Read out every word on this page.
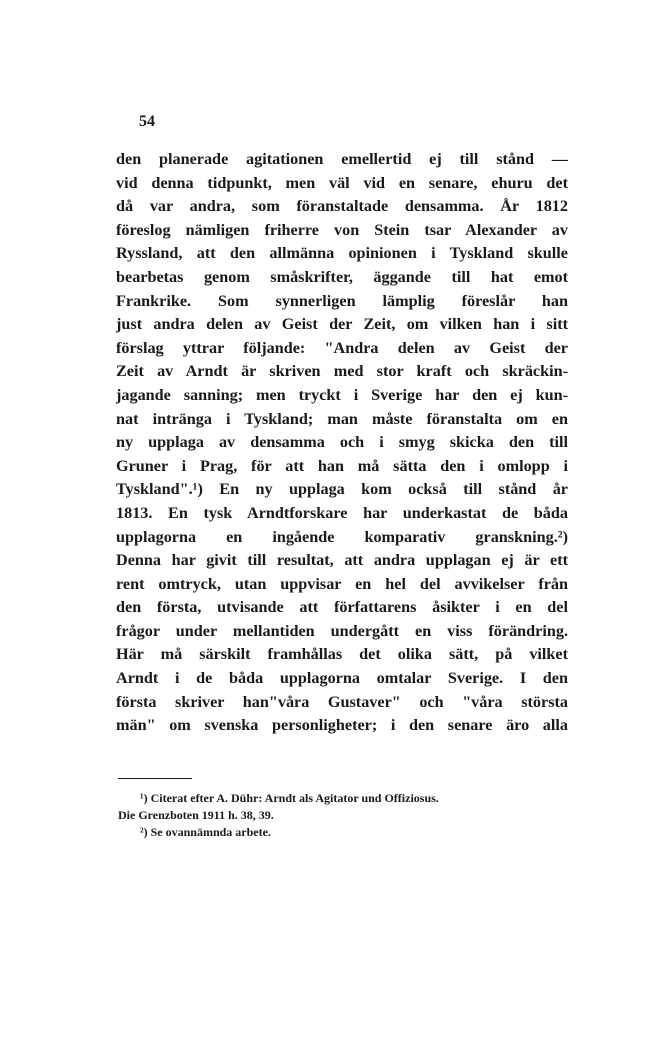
54
den planerade agitationen emellertid ej till stånd —
vid denna tidpunkt, men väl vid en senare, ehuru det
då var andra, som föranstaltade densamma. År 1812
föreslog nämligen friherre von Stein tsar Alexander av
Ryssland, att den allmänna opinionen i Tyskland skulle
bearbetas genom småskrifter, äggande till hat emot
Frankrike. Som synnerligen lämplig föreslår han
just andra delen av Geist der Zeit, om vilken han i sitt
förslag yttrar följande: "Andra delen av Geist der
Zeit av Arndt är skriven med stor kraft och skräckin-
jagande sanning; men tryckt i Sverige har den ej kun-
nat intränga i Tyskland; man måste föranstalta om en
ny upplaga av densamma och i smyg skicka den till
Gruner i Prag, för att han må sätta den i omlopp i
Tyskland".¹) En ny upplaga kom också till stånd år
1813. En tysk Arndtforskare har underkastat de båda
upplagorna en ingående komparativ granskning.²)
Denna har givit till resultat, att andra upplagan ej är ett
rent omtryck, utan uppvisar en hel del avvikelser från
den första, utvisande att författarens åsikter i en del
frågor under mellantiden undergått en viss förändring.
Här må särskilt framhållas det olika sätt, på vilket
Arndt i de båda upplagorna omtalar Sverige. I den
första skriver han"våra Gustaver" och "våra största
män" om svenska personligheter; i den senare äro alla
¹) Citerat efter A. Dühr: Arndt als Agitator und Offiziosus.
Die Grenzboten 1911 h. 38, 39.
²) Se ovannämnda arbete.
